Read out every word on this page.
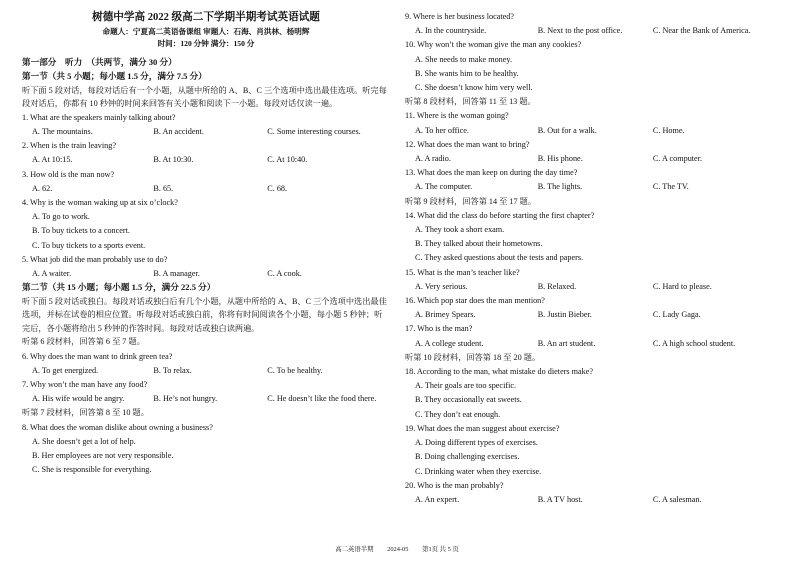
树德中学高 2022 级高二下学期半期考试英语试题
命题人：宁夏高二英语备课组 审题人：石海、肖洪林、杨明辉
时间：120 分钟 满分：150 分
第一部分　听力　（共两节，满分 30 分）
第一节（共 5 小题；每小题 1.5 分，满分 7.5 分）
听下面 5 段对话，每段对话后有一个小题，从题中所给的 A、B、C 三个选项中选出最佳选项。听完每段对话后，你都有 10 秒钟的时间来回答有关小题和阅读下一小题。每段对话仅读一遍。
1. What are the speakers mainly talking about?
A. The mountains.	B. An accident.	C. Some interesting courses.
2. When is the train leaving?
A. At 10:15.	B. At 10:30.	C. At 10:40.
3. How old is the man now?
A. 62.	B. 65.	C. 68.
4. Why is the woman waking up at six o’clock?
A. To go to work.
B. To buy tickets to a concert.
C. To buy tickets to a sports event.
5. What job did the man probably use to do?
A. A waiter.	B. A manager.	C. A cook.
第二节（共 15 小题；每小题 1.5 分，满分 22.5 分）
听下面 5 段对话或独白。每段对话或独白后有几个小题，从题中所给的 A、B、C 三个选项中选出最佳选项，并标在试卷的相应位置。听每段对话或独白前，你将有时间阅读各个小题，每小题 5 秒钟；听完后，各小题将给出 5 秒钟的作答时间。每段对话或独白读两遍。
听第 6 段材料，回答第 6 至 7 题。
6. Why does the man want to drink green tea?
A. To get energized.	B. To relax.	C. To be healthy.
7. Why won’t the man have any food?
A. His wife would be angry.	B. He’s not hungry.	C. He doesn’t like the food there.
听第 7 段材料，回答第 8 至 10 题。
8. What does the woman dislike about owning a business?
A. She doesn’t get a lot of help.
B. Her employees are not very responsible.
C. She is responsible for everything.
9. Where is her business located?
A. In the countryside.	B. Next to the post office.	C. Near the Bank of America.
10. Why won’t the woman give the man any cookies?
A. She needs to make money.
B. She wants him to be healthy.
C. She doesn’t know him very well.
听第 8 段材料，回答第 11 至 13 题。
11. Where is the woman going?
A. To her office.	B. Out for a walk.	C. Home.
12. What does the man want to bring?
A. A radio.	B. His phone.	C. A computer.
13. What does the man keep on during the day time?
A. The computer.	B. The lights.	C. The TV.
听第 9 段材料，回答第 14 至 17 题。
14. What did the class do before starting the first chapter?
A. They took a short exam.
B. They talked about their hometowns.
C. They asked questions about the tests and papers.
15. What is the man’s teacher like?
A. Very serious.	B. Relaxed.	C. Hard to please.
16. Which pop star does the man mention?
A. Brimey Spears.	B. Justin Bieber.	C. Lady Gaga.
17. Who is the man?
A. A college student.	B. An art student.	C. A high school student.
听第 10 段材料，回答第 18 至 20 题。
18. According to the man, what mistake do dieters make?
A. Their goals are too specific.
B. They occasionally eat sweets.
C. They don’t eat enough.
19. What does the man suggest about exercise?
A. Doing different types of exercises.
B. Doing challenging exercises.
C. Drinking water when they exercise.
20. Who is the man probably?
A. An expert.	B. A TV host.	C. A salesman.
高二英语半期 2024-05 第1页 共 5 页
